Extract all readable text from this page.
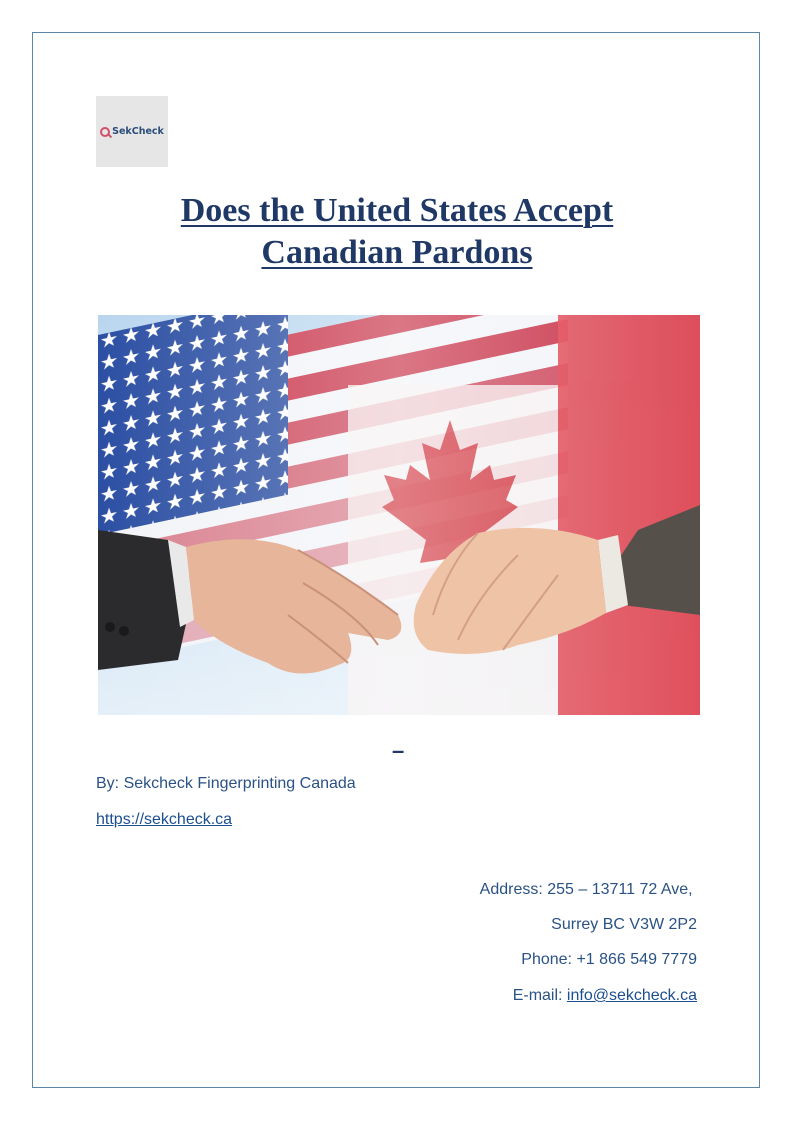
SekCheck
Does the United States Accept
Canadian Pardons
–
By: Sekcheck Fingerprinting Canada
https://sekcheck.ca
Address: 255 – 13711 72 Ave,
Surrey BC V3W 2P2
Phone: +1 866 549 7779
E-mail: info@sekcheck.ca
